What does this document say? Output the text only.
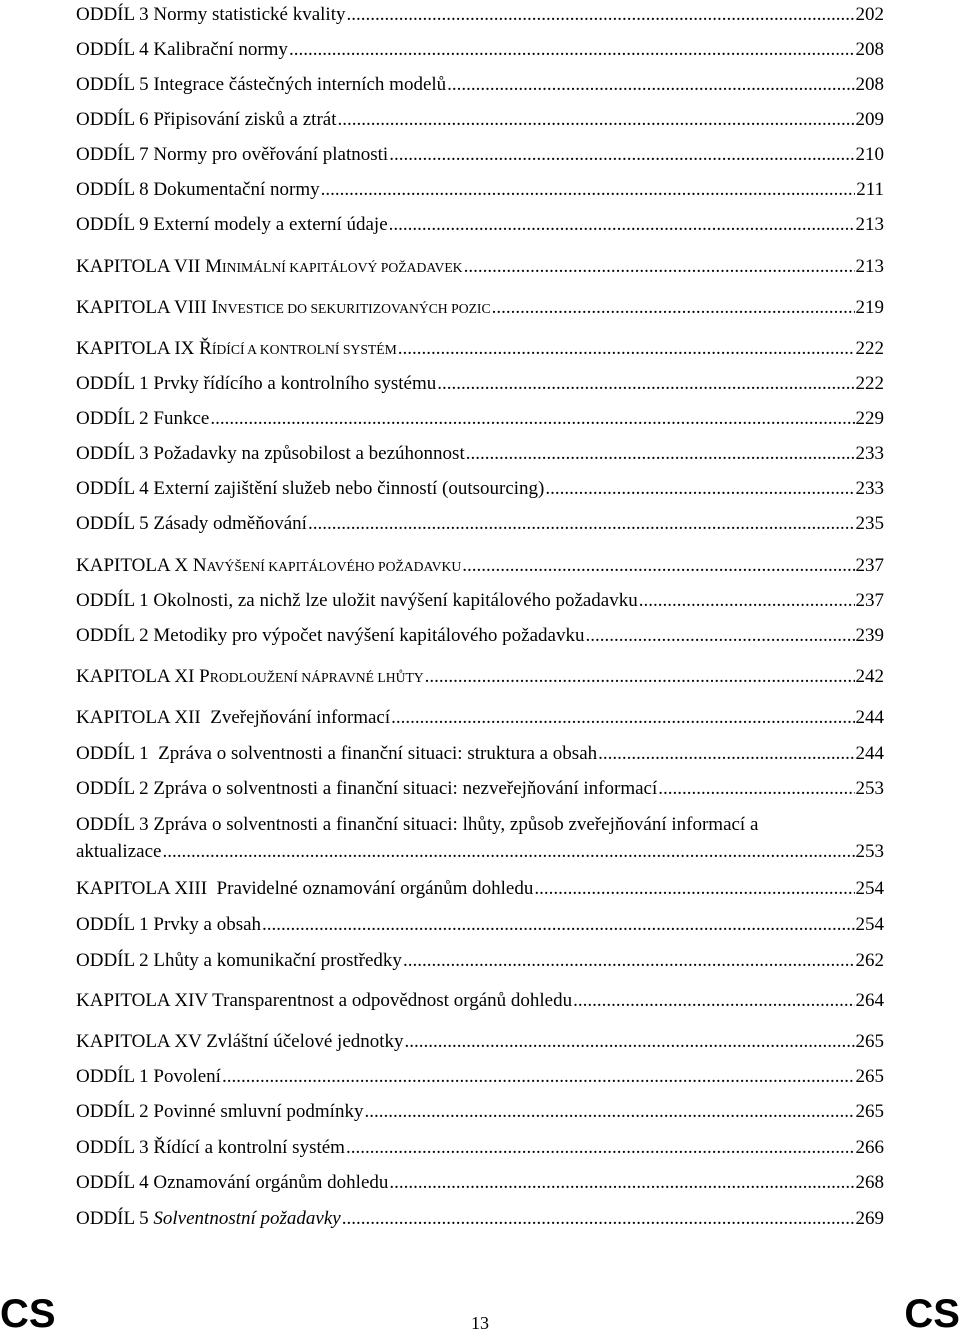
ODDÍL 3 Normy statistické kvality .....	202
ODDÍL 4 Kalibrační normy .....	208
ODDÍL 5 Integrace částečných interních modelů .....	208
ODDÍL 6 Připisování zisků a ztrát .....	209
ODDÍL 7 Normy pro ověřování platnosti .....	210
ODDÍL 8 Dokumentační normy .....	211
ODDÍL 9 Externí modely a externí údaje .....	213
KAPITOLA VII MINIMÁLNÍ KAPITÁLOVÝ POŽADAVEK .....	213
KAPITOLA VIII INVESTICE DO SEKURITIZOVANÝCH POZIC .....	219
KAPITOLA IX ŘÍDÍCÍ A KONTROLNÍ SYSTÉM .....	222
ODDÍL 1 Prvky řídícího a kontrolního systému .....	222
ODDÍL 2 Funkce .....	229
ODDÍL 3 Požadavky na způsobilost a bezúhonnost .....	233
ODDÍL 4 Externí zajištění služeb nebo činností (outsourcing) .....	233
ODDÍL 5 Zásady odměňování .....	235
KAPITOLA X NAVÝŠENÍ KAPITÁLOVÉHO POŽADAVKU .....	237
ODDÍL 1 Okolnosti, za nichž lze uložit navýšení kapitálového požadavku .....	237
ODDÍL 2 Metodiky pro výpočet navýšení kapitálového požadavku .....	239
KAPITOLA XI PRODLOUŽENÍ NÁPRAVNÉ LHŮTY .....	242
KAPITOLA XII  Zveřejňování informací .....	244
ODDÍL 1  Zpráva o solventnosti a finanční situaci: struktura a obsah .....	244
ODDÍL 2 Zpráva o solventnosti a finanční situaci: nezveřejňování informací .....	253
ODDÍL 3 Zpráva o solventnosti a finanční situaci: lhůty, způsob zveřejňování informací a
aktualizace .....	253
KAPITOLA XIII  Pravidelné oznamování orgánům dohledu .....	254
ODDÍL 1 Prvky a obsah .....	254
ODDÍL 2 Lhůty a komunikační prostředky .....	262
KAPITOLA XIV Transparentnost a odpovědnost orgánů dohledu .....	264
KAPITOLA XV Zvláštní účelové jednotky .....	265
ODDÍL 1 Povolení .....	265
ODDÍL 2 Povinné smluvní podmínky .....	265
ODDÍL 3 Řídící a kontrolní systém .....	266
ODDÍL 4 Oznamování orgánům dohledu .....	268
ODDÍL 5 Solventnostní požadavky .....	269
CS	CS
13
